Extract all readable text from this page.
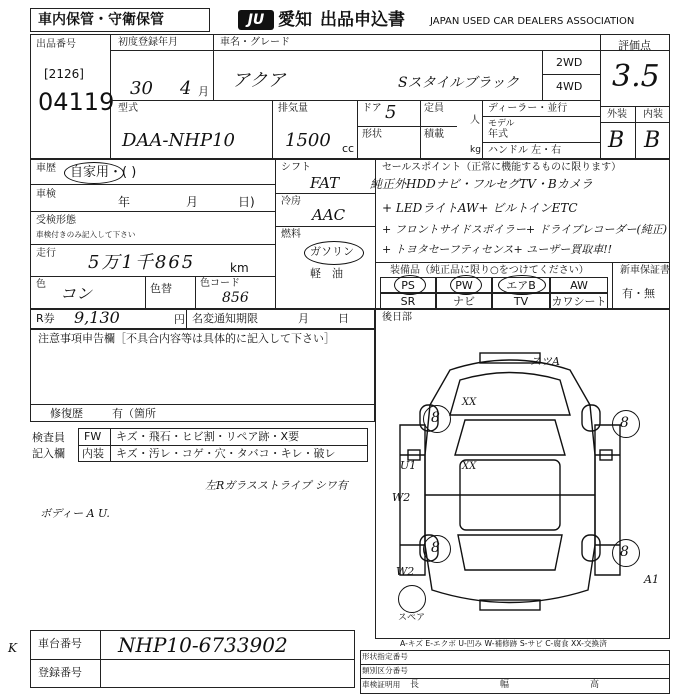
車内保管・守衛保管	JU 愛知 出品申込書	JAPAN USED CAR DEALERS ASSOCIATION
出品番号
[2126]
04119
初度登録年月
30 4 月
車名・グレード
アクア	Sスタイルブラック
2WD
4WD
評価点
3.5
外装 内装
B B
型式
DAA-NHP10
排気量
1500 cc
ドア 5
形状
定員
人
積載
kg
ディーラー・並行
モデル
年式
ハンドル 左・右
車歴 自家用・( )
車検
年	月	日)
受検形態
車検付きのみ記入して下さい
走行 5万1千865	km
色 コン	色替	色コード
856
シフト
FAT
冷房
AAC
燃料
ガソリン
軽　油
セールスポイント（正常に機能するものに限ります）
純正外HDDナビ・フルセグTV・Bカメラ
+ LEDライトAW+ ビルトインETC
+ フロントサイドスポイラー+ ドライブレコーダー(純正)
+ トヨタセーフティセンス+ ユーザー買取車!!
装備品（純正品に限り○をつけてください）	新車保証書
有・無
PS	PW	エアB	AW
SR	ナビ	TV	カワシート
R券 9,130	円 名変通知期限	月	日
注意事項申告欄［不具合内容等は具体的に記入して下さい］
修復歴	有（箇所
検査員
記入欄
FW キズ・飛石・ヒビ割・リペア跡・X要
内装 キズ・汚レ・コゲ・穴・タバコ・キレ・破レ
左Rガラスストライプ シワ有
ボディー A U.
後日部
8	8
8	8
スペア
スツA
XX
U1	XX
W2
W2
A1
A-キズ E-エクボ U-凹み W-補修跡 S-サビ C-腐食 XX-交換済
K 車台番号 NHP10-6733902
登録番号
形状指定番号
類別区分番号
車検証明用 長	幅	高
